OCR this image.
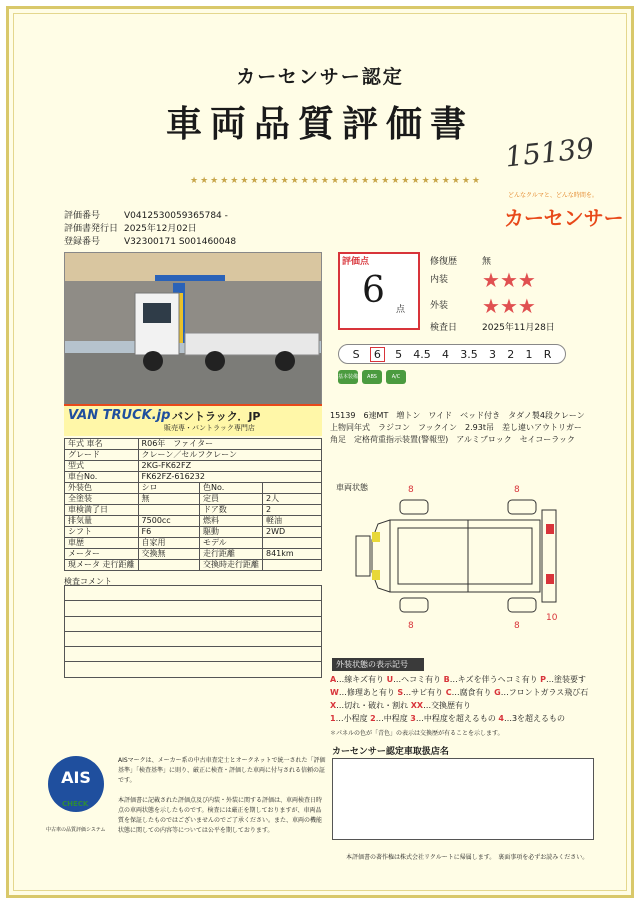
カーセンサー認定
車両品質評価書
15139
★★★★★★★★★★★★★★★★★★★★★★★★★★★★★
評価番号	V0412530059365784 -
評価書発行日 2025年12月02日
登録番号	V32300171 S001460048
どんなクルマと、どんな時間を。
カーセンサー
VAN TRUCK.jp バントラック．JP
販売専・バントラック専門店
年式 車名	R06年　ファイター		
グレード	クレーン／セルフクレーン		
型式	2KG-FK62FZ		
車台No.	FK62FZ-616232		
外装色	シロ	色No.	
全塗装	無	定員	2人
車検満了日		ドア数	2
排気量	7500cc	燃料	軽油
シフト	F6	駆動	2WD
車歴	自家用	モデル	
メーター	交換無	走行距離	841km
現メータ 走行距離		交換時走行距離	
検査コメント

評価点
6 点
修復歴	無
内装 ★★★
外装 ★★★
検査日	2025年11月28日
S 6 5 4.5 4 3.5 3 2 1 R
基本装備	ABS	A/C
15139　6速MT　増トン　ワイド　ベッド付き　タダノ製4段クレーン　上物同年式　ラジコン　フックイン　2.93t吊　差し違いアウトリガー　角足　定格荷重指示装置(警報型)　アルミブロック　セイコーラック
車両状態	8	8
8	8
10
外装状態の表示記号
A…線キズ有り U…ヘコミ有り B…キズを伴うヘコミ有り P…塗装要す
W…修理あと有り S…サビ有り C…腐食有り G…フロントガラス飛び石
X…切れ・破れ・割れ XX…交換歴有り
1…小程度 2…中程度 3…中程度を超えるもの 4…3を超えるもの
＊パネルの色が「青色」の表示は交換歴が有ることを示します。
カーセンサー認定車取扱店名
AIS
CHECK
中古車の品質評価システム
AISマークは、メーカー系の中古車査定士とオークネットで統一された「評価基準」「検査基準」に則り、厳正に検査・評価した車両に付与される信頼の証です。
本評価書に記載された評価点及び内装・外装に関する評価は、車両検査日時点の車両状態を示したものです。検査には厳正を期しておりますが、車両品質を保証したものではございませんのでご了承ください。また、車両の機能状態に関しての内容等については公平を期しております。
本評価書の著作権は株式会社リクルートに帰属します。　裏面事項を必ずお読みください。
